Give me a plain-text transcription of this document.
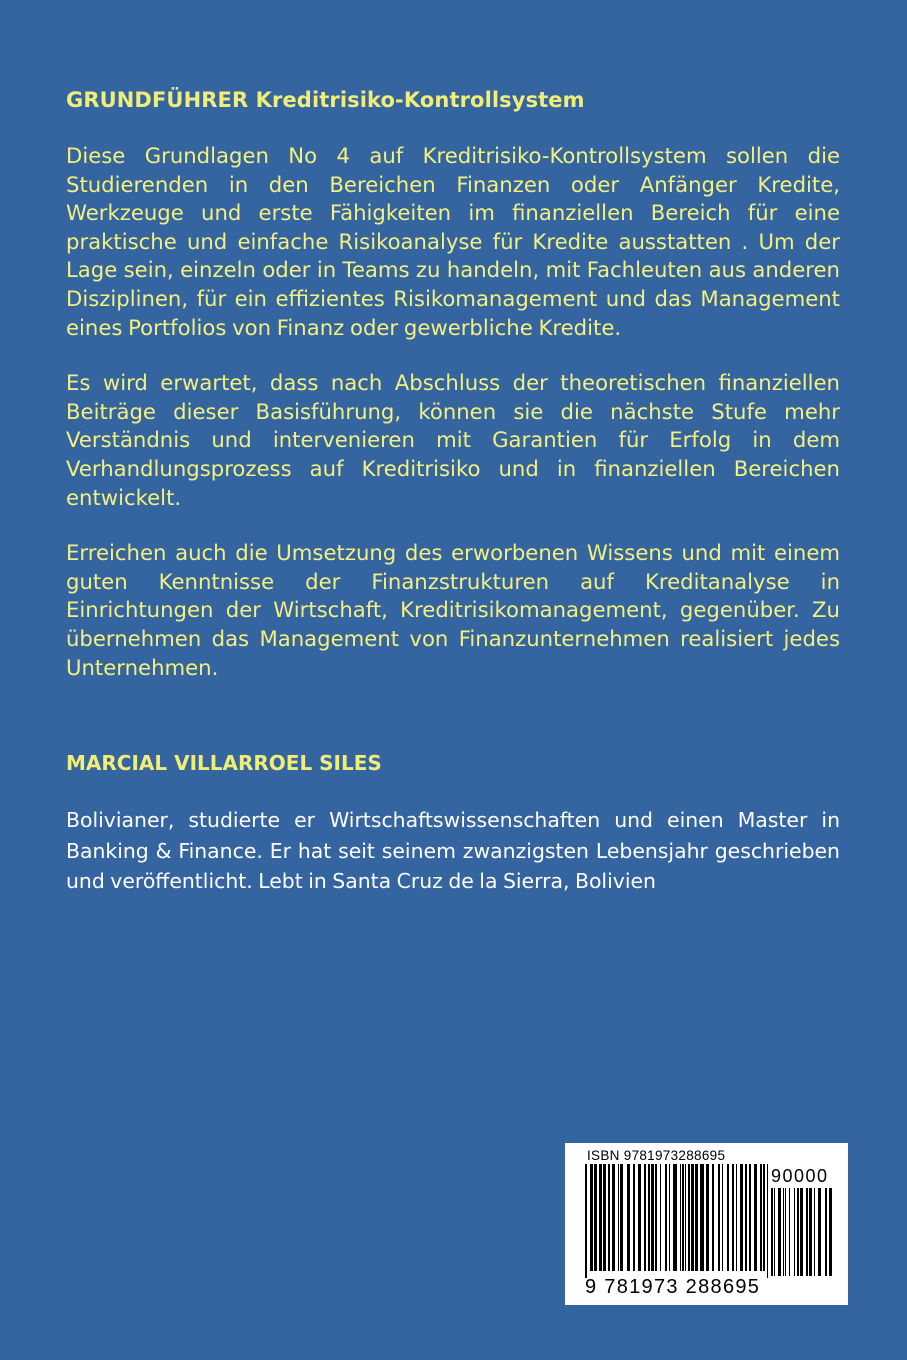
GRUNDFÜHRER Kreditrisiko-Kontrollsystem

Diese Grundlagen No 4 auf Kreditrisiko-Kontrollsystem sollen die Studierenden in den Bereichen Finanzen oder Anfänger Kredite, Werkzeuge und erste Fähigkeiten im finanziellen Bereich für eine praktische und einfache Risikoanalyse für Kredite ausstatten . Um der Lage sein, einzeln oder in Teams zu handeln, mit Fachleuten aus anderen Disziplinen, für ein effizientes Risikomanagement und das Management eines Portfolios von Finanz oder gewerbliche Kredite.

Es wird erwartet, dass nach Abschluss der theoretischen finanziellen Beiträge dieser Basisführung, können sie die nächste Stufe mehr Verständnis und intervenieren mit Garantien für Erfolg in dem Verhandlungsprozess auf Kreditrisiko und in finanziellen Bereichen entwickelt.

Erreichen auch die Umsetzung des erworbenen Wissens und mit einem guten Kenntnisse der Finanzstrukturen auf Kreditanalyse in Einrichtungen der Wirtschaft, Kreditrisikomanagement, gegenüber. Zu übernehmen das Management von Finanzunternehmen realisiert jedes Unternehmen.

MARCIAL VILLARROEL SILES

Bolivianer, studierte er Wirtschaftswissenschaften und einen Master in Banking & Finance. Er hat seit seinem zwanzigsten Lebensjahr geschrieben und veröffentlicht. Lebt in Santa Cruz de la Sierra, Bolivien

ISBN 9781973288695
90000
9 781973 288695
